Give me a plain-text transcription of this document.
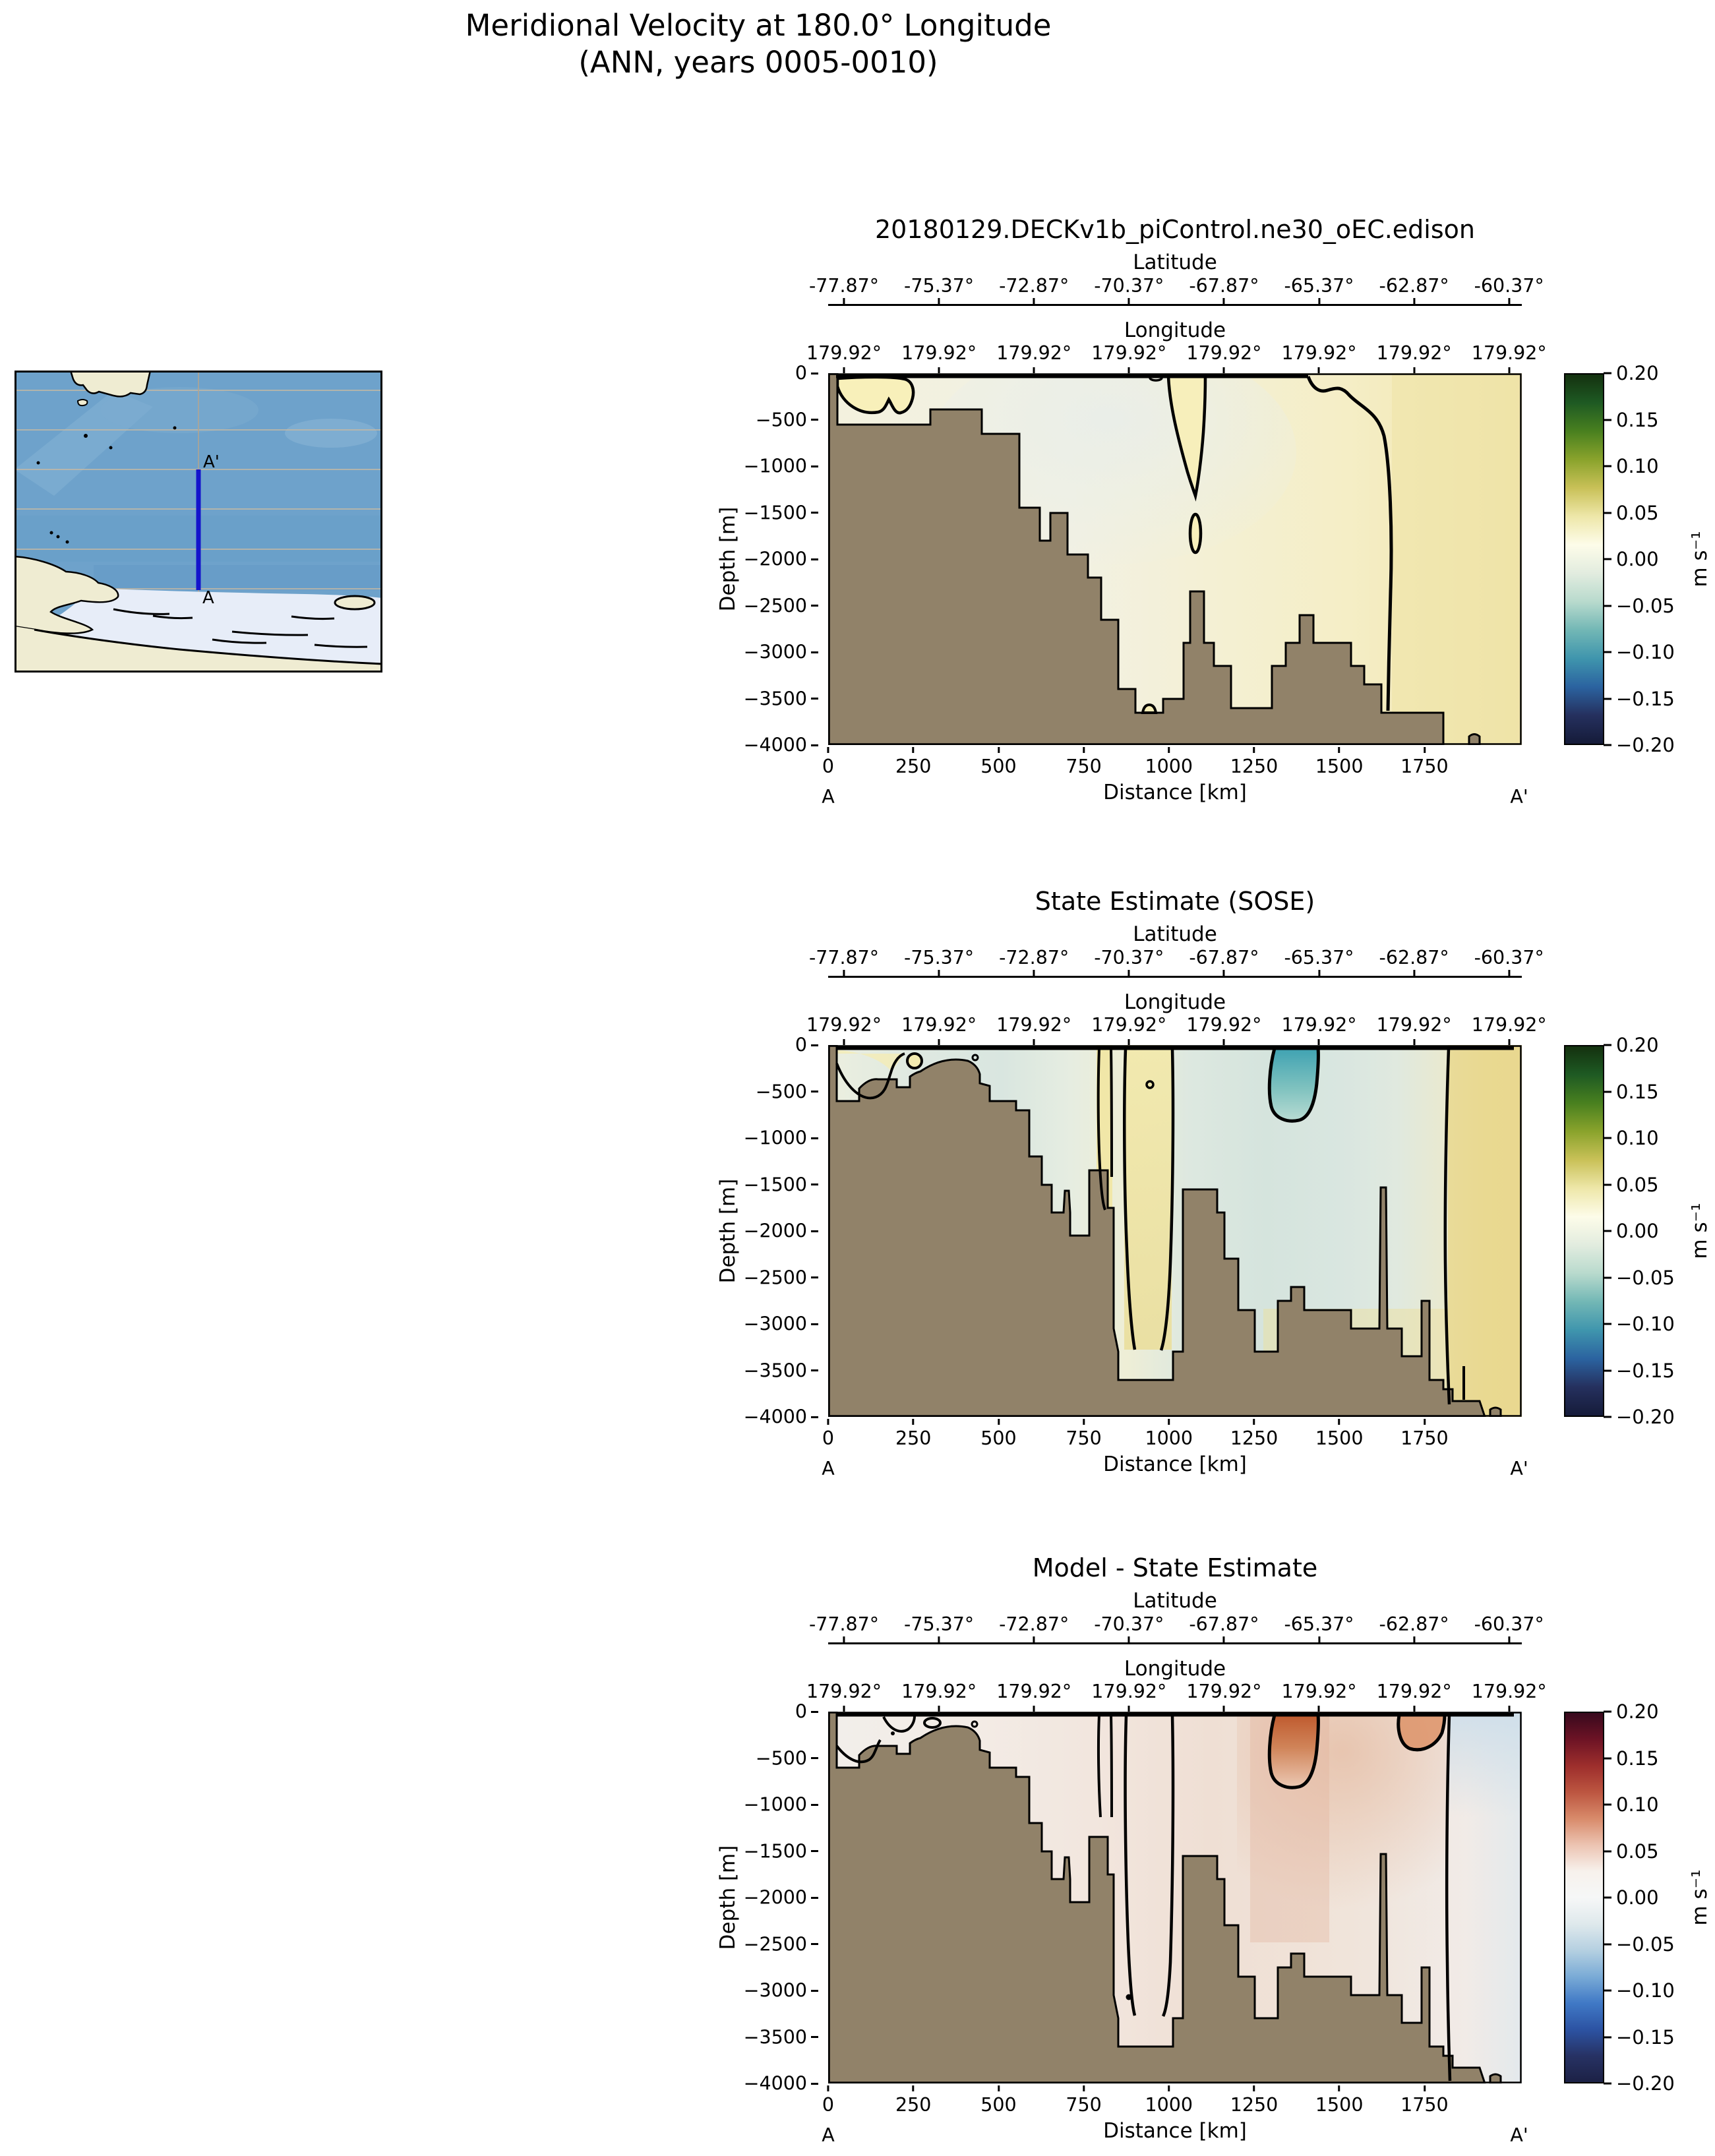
Meridional Velocity at 180.0° Longitude
(ANN, years 0005-0010)
A'
A
20180129.DECKv1b_piControl.ne30_oEC.edison
Latitude
-77.87° -75.37° -72.87° -70.37° -67.87° -65.37° -62.87° -60.37°
Longitude
179.92° 179.92° 179.92° 179.92° 179.92° 179.92° 179.92° 179.92°
Depth [m]
0
−500
−1000
−1500
−2000
−2500
−3000
−3500
−4000
0	250	500	750 1000 1250 1500 1750
Distance [km]
A	A'
0.20
0.15
0.10
0.05
0.00
−0.05
−0.10
−0.15
−0.20
m s⁻¹
State Estimate (SOSE)
Latitude
-77.87° -75.37° -72.87° -70.37° -67.87° -65.37° -62.87° -60.37°
Longitude
179.92° 179.92° 179.92° 179.92° 179.92° 179.92° 179.92° 179.92°
Depth [m]
0
−500
−1000
−1500
−2000
−2500
−3000
−3500
−4000
0	250	500	750 1000 1250 1500 1750
Distance [km]
A	A'
0.20
0.15
0.10
0.05
0.00
−0.05
−0.10
−0.15
−0.20
m s⁻¹
Model - State Estimate
Latitude
-77.87° -75.37° -72.87° -70.37° -67.87° -65.37° -62.87° -60.37°
Longitude
179.92° 179.92° 179.92° 179.92° 179.92° 179.92° 179.92° 179.92°
Depth [m]
0
−500
−1000
−1500
−2000
−2500
−3000
−3500
−4000
0	250	500	750 1000 1250 1500 1750
Distance [km]
A	A'
0.20
0.15
0.10
0.05
0.00
−0.05
−0.10
−0.15
−0.20
m s⁻¹
